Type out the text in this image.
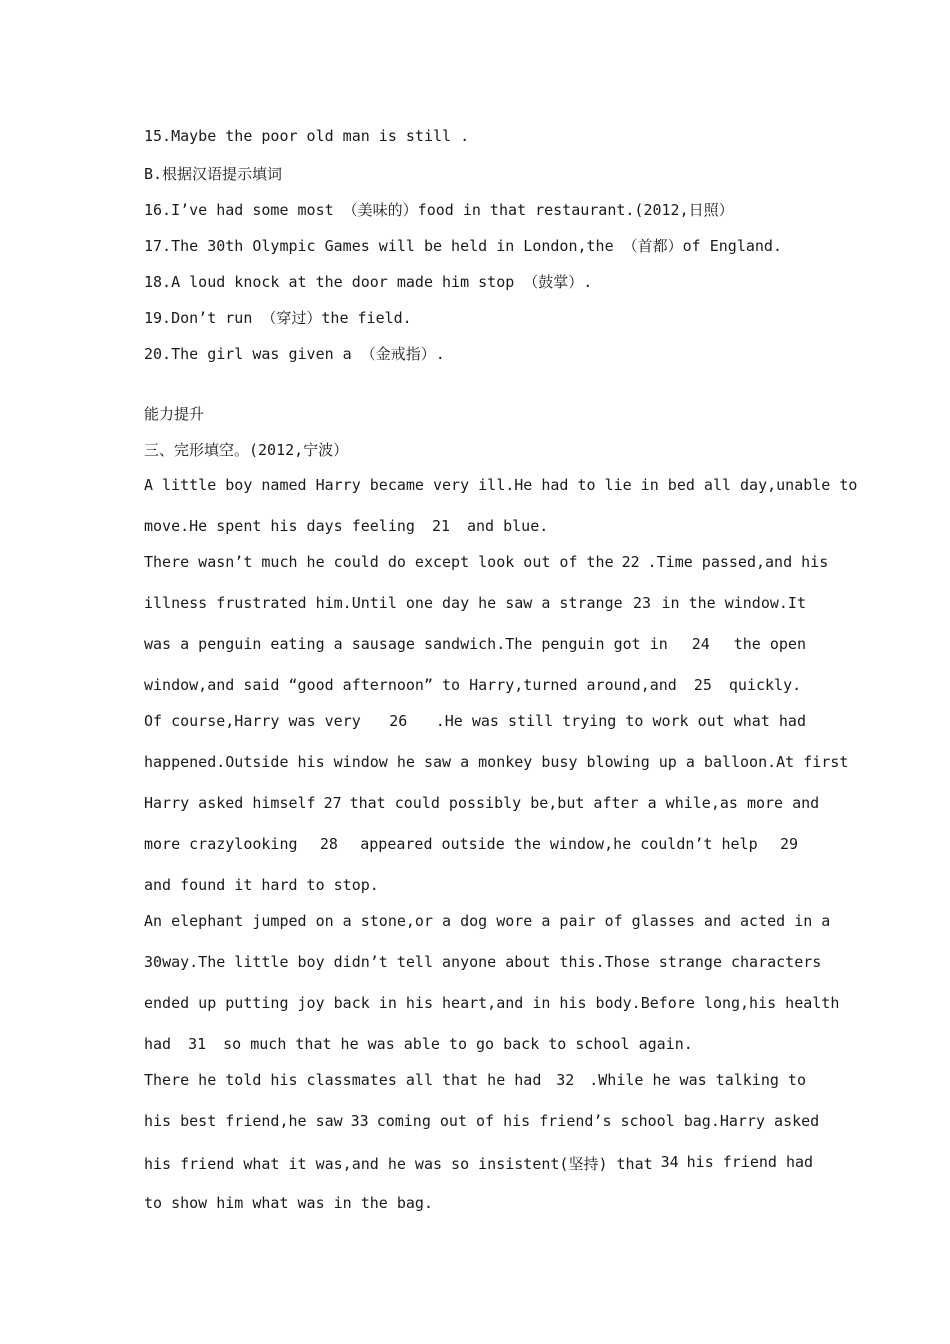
15.Maybe the poor old man is still .
B.根据汉语提示填词
16.I’ve had some most （美味的）food in that restaurant.(2012,日照）
17.The 30th Olympic Games will be held in London,the （首都）of England.
18.A loud knock at the door made him stop （鼓掌）.
19.Don’t run （穿过）the field.
20.The girl was given a （金戒指）.
能力提升
三、完形填空。(2012,宁波）
A little boy named Harry became very ill.He had to lie in bed all day,unable to
move.He spent his days feeling 21 and blue.
There wasn’t much he could do except look out of the 22 .Time passed,and his
illness frustrated him.Until one day he saw a strange 23 in the window.It
was a penguin eating a sausage sandwich.The penguin got in	24	the open
window,and said “good afternoon” to Harry,turned around,and 25 quickly.
Of course,Harry was very	26	.He was still trying to work out what had
happened.Outside his window he saw a monkey busy blowing up a balloon.At first
Harry asked himself 27 that could possibly be,but after a while,as more and
more crazylooking	28	appeared outside the window,he couldn’t help	29
and found it hard to stop.
An elephant jumped on a stone,or a dog wore a pair of glasses and acted in a
30 way.The little boy didn’t tell anyone about this.Those strange characters
ended up putting joy back in his heart,and in his body.Before long,his health
had 31 so much that he was able to go back to school again.
There he told his classmates all that he had 32 .While he was talking to
his best friend,he saw 33 coming out of his friend’s school bag.Harry asked
his friend what it was,and he was so insistent(坚持) that 34 his friend had
to show him what was in the bag.
